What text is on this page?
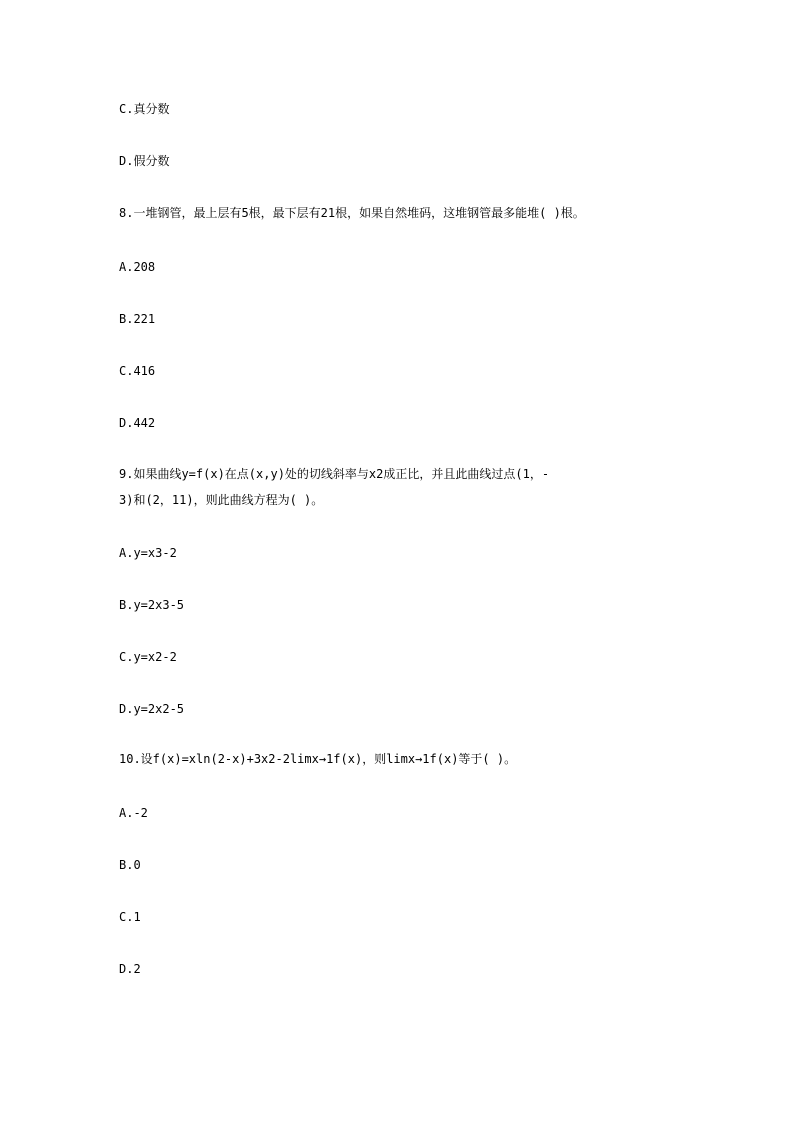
C.真分数
D.假分数
8.一堆钢管，最上层有5根，最下层有21根，如果自然堆码，这堆钢管最多能堆( )根。
A.208
B.221
C.416
D.442
9.如果曲线y=f(x)在点(x,y)处的切线斜率与x2成正比，并且此曲线过点(1，-
3)和(2，11)，则此曲线方程为( )。
A.y=x3-2
B.y=2x3-5
C.y=x2-2
D.y=2x2-5
10.设f(x)=xln(2-x)+3x2-2limx→1f(x)，则limx→1f(x)等于( )。
A.-2
B.0
C.1
D.2
